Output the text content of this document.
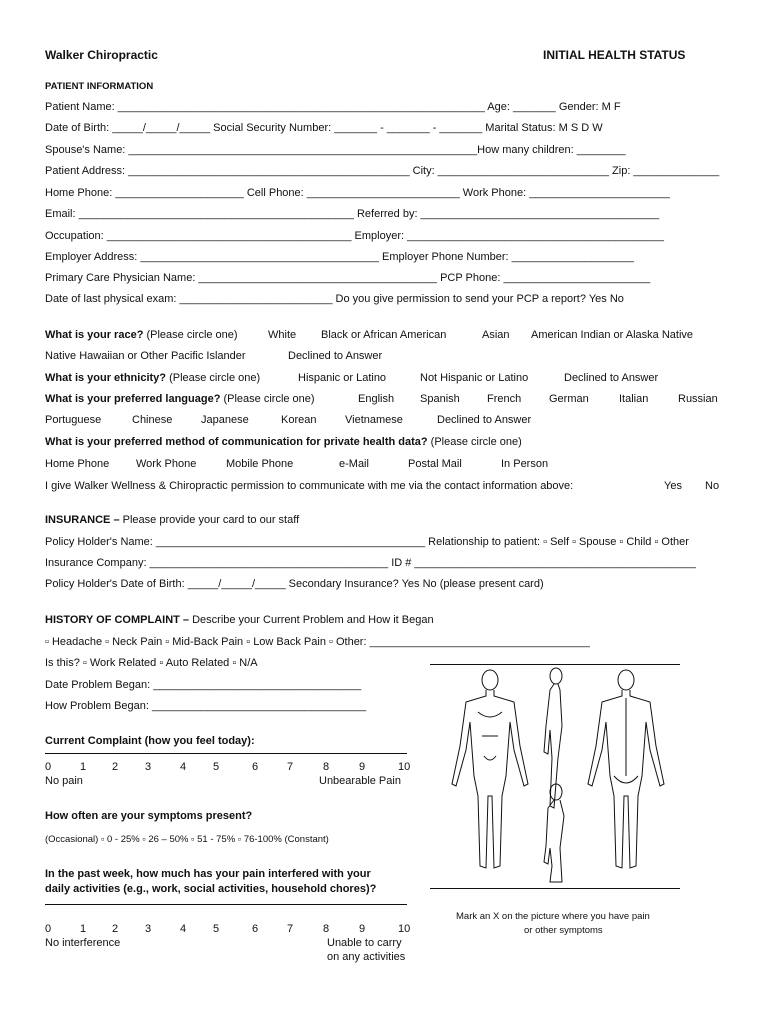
Walker Chiropractic	INITIAL HEALTH STATUS
PATIENT INFORMATION
Patient Name: ____________________________________________________________ Age: _______ Gender: M F
Date of Birth: _____/_____/_____ Social Security Number: _______ - _______ - _______ Marital Status: M S D W
Spouse's Name: _________________________________________________________How many children: ________
Patient Address: ______________________________________________ City: ____________________________ Zip: ______________
Home Phone: _____________________ Cell Phone: _________________________ Work Phone: _______________________
Email: _____________________________________________ Referred by: _______________________________________
Occupation: ________________________________________ Employer: __________________________________________
Employer Address: _______________________________________ Employer Phone Number: ____________________
Primary Care Physician Name: _______________________________________ PCP Phone: ________________________
Date of last physical exam: _________________________ Do you give permission to send your PCP a report? Yes No
What is your race? (Please circle one)	White Black or African American	Asian American Indian or Alaska Native
Native Hawaiian or Other Pacific Islander	Declined to Answer
What is your ethnicity? (Please circle one)	Hispanic or Latino	Not Hispanic or Latino	Declined to Answer
What is your preferred language? (Please circle one)	English Spanish French	German	Italian	Russian
Portuguese	Chinese	Japanese	Korean	Vietnamese	Declined to Answer
What is your preferred method of communication for private health data? (Please circle one)
Home Phone Work Phone	Mobile Phone	e-Mail	Postal Mail	In Person
I give Walker Wellness & Chiropractic permission to communicate with me via the contact information above:	Yes No
INSURANCE – Please provide your card to our staff
Policy Holder's Name: ____________________________________________ Relationship to patient: ▫ Self ▫ Spouse ▫ Child ▫ Other
Insurance Company: _______________________________________ ID # ______________________________________________
Policy Holder's Date of Birth: _____/_____/_____ Secondary Insurance? Yes No (please present card)
HISTORY OF COMPLAINT – Describe your Current Problem and How it Began
▫ Headache ▫ Neck Pain ▫ Mid-Back Pain ▫ Low Back Pain ▫ Other: ____________________________________
Is this? ▫ Work Related ▫ Auto Related ▫ N/A
Date Problem Began: __________________________________
How Problem Began: ___________________________________
Current Complaint (how you feel today):
0	1 2 3	4 5	6	7	8	9	10
No pain	Unbearable Pain
How often are your symptoms present?
(Occasional) ▫ 0 - 25% ▫ 26 – 50% ▫ 51 - 75% ▫ 76-100% (Constant)
In the past week, how much has your pain interfered with your
daily activities (e.g., work, social activities, household chores)?
0	1 2 3	4 5	6	7	8	9	10
No interference	Unable to carry
on any activities
Mark an X on the picture where you have pain
or other symptoms
